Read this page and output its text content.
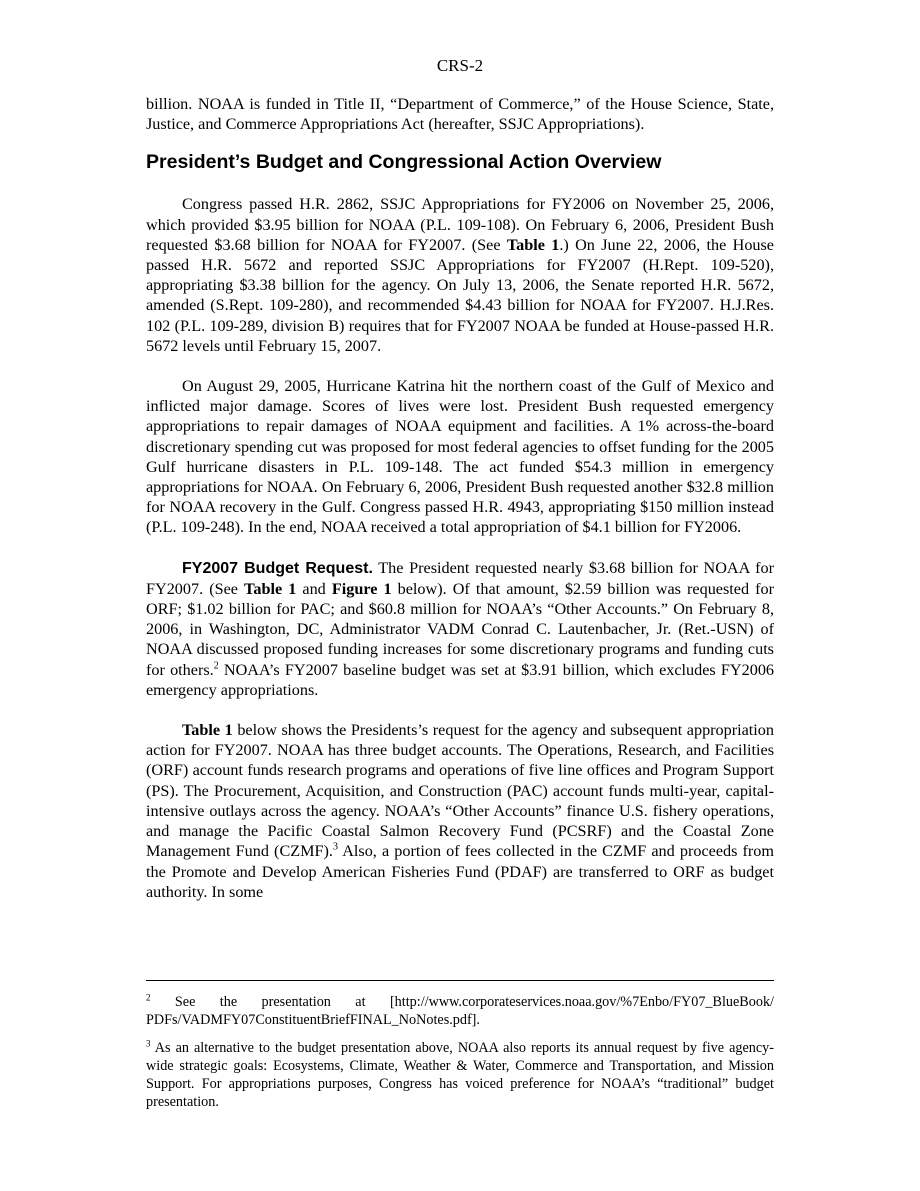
CRS-2

billion. NOAA is funded in Title II, “Department of Commerce,” of the House Science, State, Justice, and Commerce Appropriations Act (hereafter, SSJC Appropriations).

President’s Budget and Congressional Action Overview

Congress passed H.R. 2862, SSJC Appropriations for FY2006 on November 25, 2006, which provided $3.95 billion for NOAA (P.L. 109-108). On February 6, 2006, President Bush requested $3.68 billion for NOAA for FY2007. (See Table 1.) On June 22, 2006, the House passed H.R. 5672 and reported SSJC Appropriations for FY2007 (H.Rept. 109-520), appropriating $3.38 billion for the agency. On July 13, 2006, the Senate reported H.R. 5672, amended (S.Rept. 109-280), and recommended $4.43 billion for NOAA for FY2007. H.J.Res. 102 (P.L. 109-289, division B) requires that for FY2007 NOAA be funded at House-passed H.R. 5672 levels until February 15, 2007.

On August 29, 2005, Hurricane Katrina hit the northern coast of the Gulf of Mexico and inflicted major damage. Scores of lives were lost. President Bush requested emergency appropriations to repair damages of NOAA equipment and facilities. A 1% across-the-board discretionary spending cut was proposed for most federal agencies to offset funding for the 2005 Gulf hurricane disasters in P.L. 109-148. The act funded $54.3 million in emergency appropriations for NOAA. On February 6, 2006, President Bush requested another $32.8 million for NOAA recovery in the Gulf. Congress passed H.R. 4943, appropriating $150 million instead (P.L. 109-248). In the end, NOAA received a total appropriation of $4.1 billion for FY2006.

FY2007 Budget Request. The President requested nearly $3.68 billion for NOAA for FY2007. (See Table 1 and Figure 1 below). Of that amount, $2.59 billion was requested for ORF; $1.02 billion for PAC; and $60.8 million for NOAA’s “Other Accounts.” On February 8, 2006, in Washington, DC, Administrator VADM Conrad C. Lautenbacher, Jr. (Ret.-USN) of NOAA discussed proposed funding increases for some discretionary programs and funding cuts for others.$^2$ NOAA’s FY2007 baseline budget was set at $3.91 billion, which excludes FY2006 emergency appropriations.

Table 1 below shows the Presidents’s request for the agency and subsequent appropriation action for FY2007. NOAA has three budget accounts. The Operations, Research, and Facilities (ORF) account funds research programs and operations of five line offices and Program Support (PS). The Procurement, Acquisition, and Construction (PAC) account funds multi-year, capital-intensive outlays across the agency. NOAA’s “Other Accounts” finance U.S. fishery operations, and manage the Pacific Coastal Salmon Recovery Fund (PCSRF) and the Coastal Zone Management Fund (CZMF).$^3$ Also, a portion of fees collected in the CZMF and proceeds from the Promote and Develop American Fisheries Fund (PDAF) are transferred to ORF as budget authority. In some

$^2$ See the presentation at [http://www.corporateservices.noaa.gov/%7Enbo/FY07_BlueBook/ PDFs/VADMFY07ConstituentBriefFINAL_NoNotes.pdf].

$^3$ As an alternative to the budget presentation above, NOAA also reports its annual request by five agency-wide strategic goals: Ecosystems, Climate, Weather & Water, Commerce and Transportation, and Mission Support. For appropriations purposes, Congress has voiced preference for NOAA’s “traditional” budget presentation.
